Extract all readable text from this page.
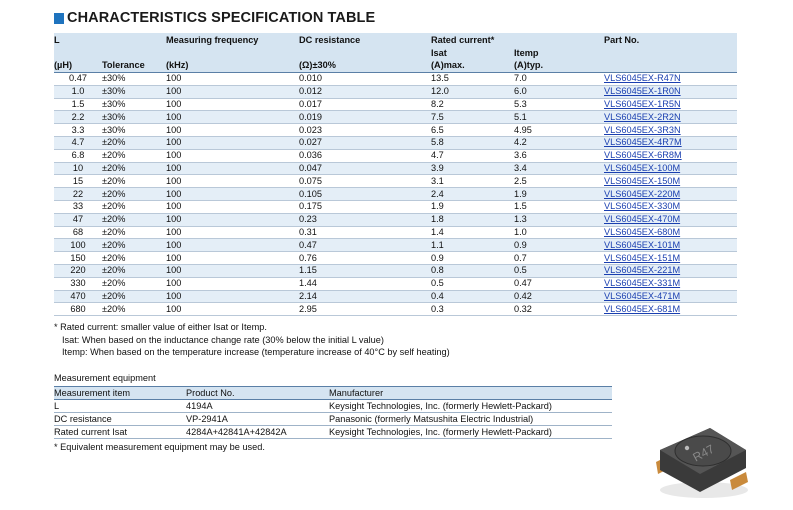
CHARACTERISTICS SPECIFICATION TABLE
L		Measuring frequency	DC resistance	Rated current*		Part No.
				Isat	Itemp	
(µH)	Tolerance	(kHz)	(Ω)±30%	(A)max.	(A)typ.	
0.47	±30%	100	0.010	13.5	7.0	VLS6045EX-R47N
1.0	±30%	100	0.012	12.0	6.0	VLS6045EX-1R0N
1.5	±30%	100	0.017	8.2	5.3	VLS6045EX-1R5N
2.2	±30%	100	0.019	7.5	5.1	VLS6045EX-2R2N
3.3	±30%	100	0.023	6.5	4.95	VLS6045EX-3R3N
4.7	±20%	100	0.027	5.8	4.2	VLS6045EX-4R7M
6.8	±20%	100	0.036	4.7	3.6	VLS6045EX-6R8M
10	±20%	100	0.047	3.9	3.4	VLS6045EX-100M
15	±20%	100	0.075	3.1	2.5	VLS6045EX-150M
22	±20%	100	0.105	2.4	1.9	VLS6045EX-220M
33	±20%	100	0.175	1.9	1.5	VLS6045EX-330M
47	±20%	100	0.23	1.8	1.3	VLS6045EX-470M
68	±20%	100	0.31	1.4	1.0	VLS6045EX-680M
100	±20%	100	0.47	1.1	0.9	VLS6045EX-101M
150	±20%	100	0.76	0.9	0.7	VLS6045EX-151M
220	±20%	100	1.15	0.8	0.5	VLS6045EX-221M
330	±20%	100	1.44	0.5	0.47	VLS6045EX-331M
470	±20%	100	2.14	0.4	0.42	VLS6045EX-471M
680	±20%	100	2.95	0.3	0.32	VLS6045EX-681M
* Rated current: smaller value of either Isat or Itemp.
Isat: When based on the inductance change rate (30% below the initial L value)
Itemp: When based on the temperature increase (temperature increase of 40°C by self heating)
Measurement equipment
Measurement item	Product No.	Manufacturer
L	4194A	Keysight Technologies, Inc. (formerly Hewlett-Packard)
DC resistance	VP-2941A	Panasonic (formerly Matsushita Electric Industrial)
Rated current Isat	4284A+42841A+42842A	Keysight Technologies, Inc. (formerly Hewlett-Packard)
* Equivalent measurement equipment may be used.	R47
